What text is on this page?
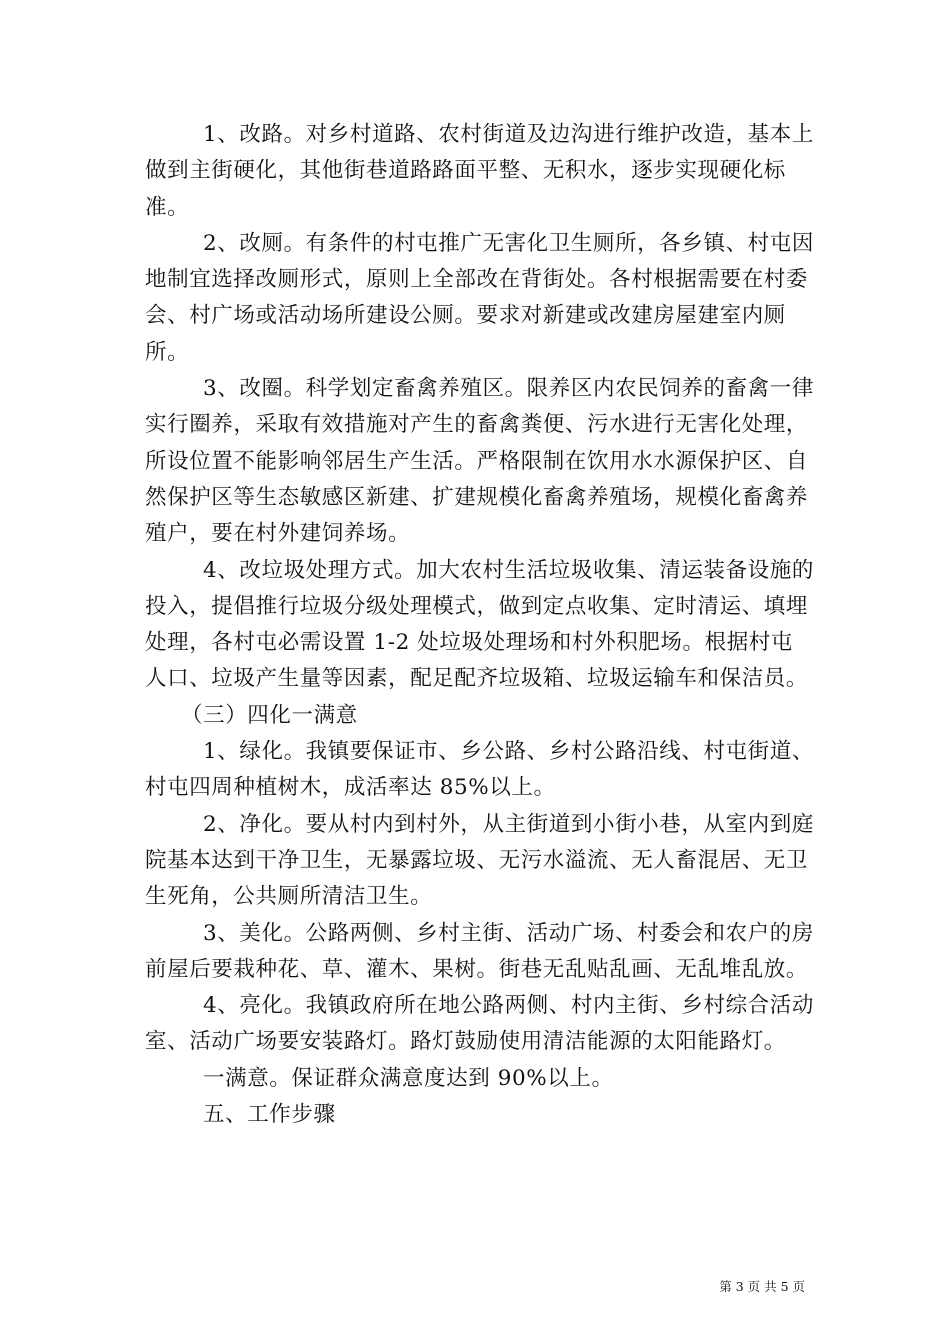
1、改路。对乡村道路、农村街道及边沟进行维护改造，基本上做到主街硬化，其他街巷道路路面平整、无积水，逐步实现硬化标准。

2、改厕。有条件的村屯推广无害化卫生厕所，各乡镇、村屯因地制宜选择改厕形式，原则上全部改在背街处。各村根据需要在村委会、村广场或活动场所建设公厕。要求对新建或改建房屋建室内厕所。

3、改圈。科学划定畜禽养殖区。限养区内农民饲养的畜禽一律实行圈养，采取有效措施对产生的畜禽粪便、污水进行无害化处理，所设位置不能影响邻居生产生活。严格限制在饮用水水源保护区、自然保护区等生态敏感区新建、扩建规模化畜禽养殖场，规模化畜禽养殖户，要在村外建饲养场。

4、改垃圾处理方式。加大农村生活垃圾收集、清运装备设施的投入，提倡推行垃圾分级处理模式，做到定点收集、定时清运、填埋处理，各村屯必需设置 1-2 处垃圾处理场和村外积肥场。根据村屯人口、垃圾产生量等因素，配足配齐垃圾箱、垃圾运输车和保洁员。

（三）四化一满意

1、绿化。我镇要保证市、乡公路、乡村公路沿线、村屯街道、村屯四周种植树木，成活率达 85%以上。

2、净化。要从村内到村外，从主街道到小街小巷，从室内到庭院基本达到干净卫生，无暴露垃圾、无污水溢流、无人畜混居、无卫生死角，公共厕所清洁卫生。

3、美化。公路两侧、乡村主街、活动广场、村委会和农户的房前屋后要栽种花、草、灌木、果树。街巷无乱贴乱画、无乱堆乱放。

4、亮化。我镇政府所在地公路两侧、村内主街、乡村综合活动室、活动广场要安装路灯。路灯鼓励使用清洁能源的太阳能路灯。

一满意。保证群众满意度达到 90%以上。

五、工作步骤

第 3 页 共 5 页
